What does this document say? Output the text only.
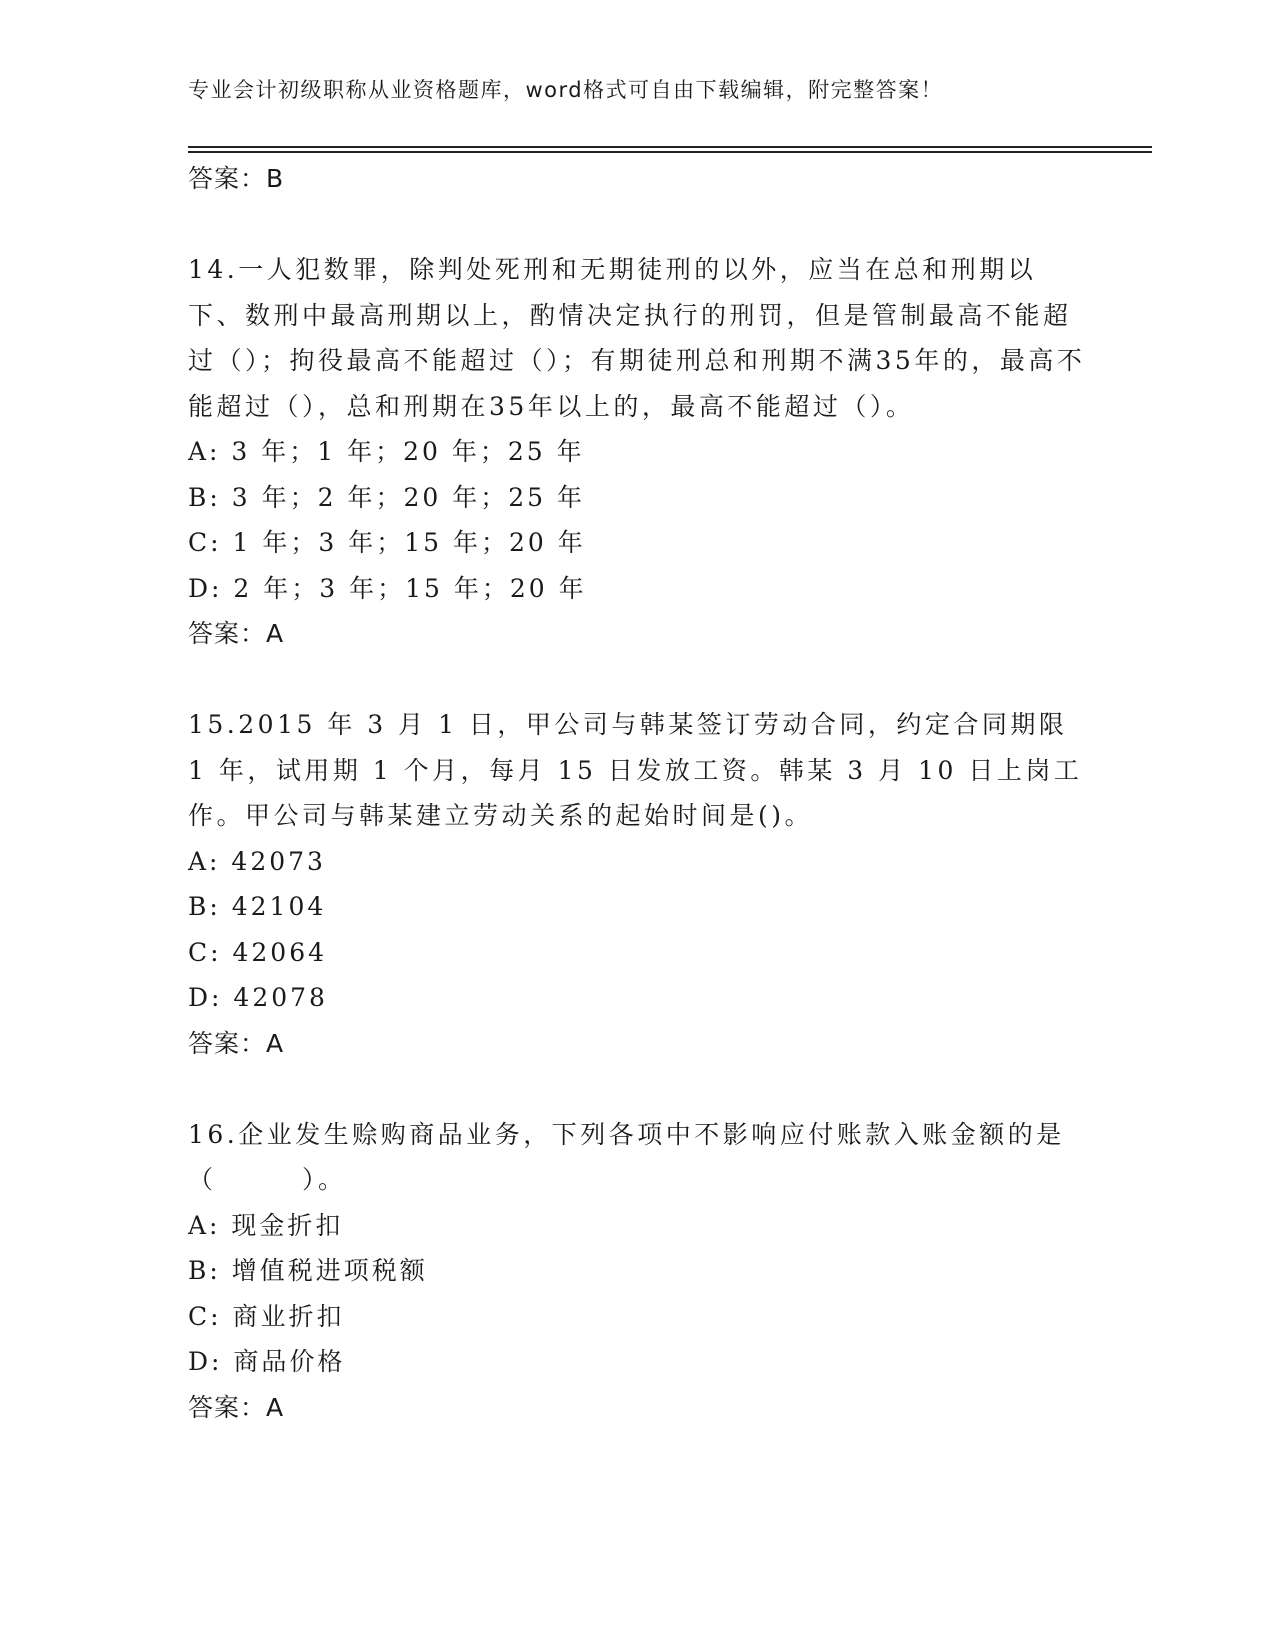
专业会计初级职称从业资格题库，word格式可自由下载编辑，附完整答案！
答案：B
14.一人犯数罪，除判处死刑和无期徒刑的以外，应当在总和刑期以下、数刑中最高刑期以上，酌情决定执行的刑罚，但是管制最高不能超过（）；拘役最高不能超过（）；有期徒刑总和刑期不满35年的，最高不能超过（），总和刑期在35年以上的，最高不能超过（）。
A: 3 年；1 年；20 年；25 年
B: 3 年；2 年；20 年；25 年
C: 1 年；3 年；15 年；20 年
D: 2 年；3 年；15 年；20 年
答案：A
15.2015 年 3 月 1 日，甲公司与韩某签订劳动合同，约定合同期限 1 年，试用期 1 个月，每月 15 日发放工资。韩某 3 月 10 日上岗工作。甲公司与韩某建立劳动关系的起始时间是()。
A: 42073
B: 42104
C: 42064
D: 42078
答案：A
16.企业发生赊购商品业务，下列各项中不影响应付账款入账金额的是（　　　）。
A: 现金折扣
B: 增值税进项税额
C: 商业折扣
D: 商品价格
答案：A
